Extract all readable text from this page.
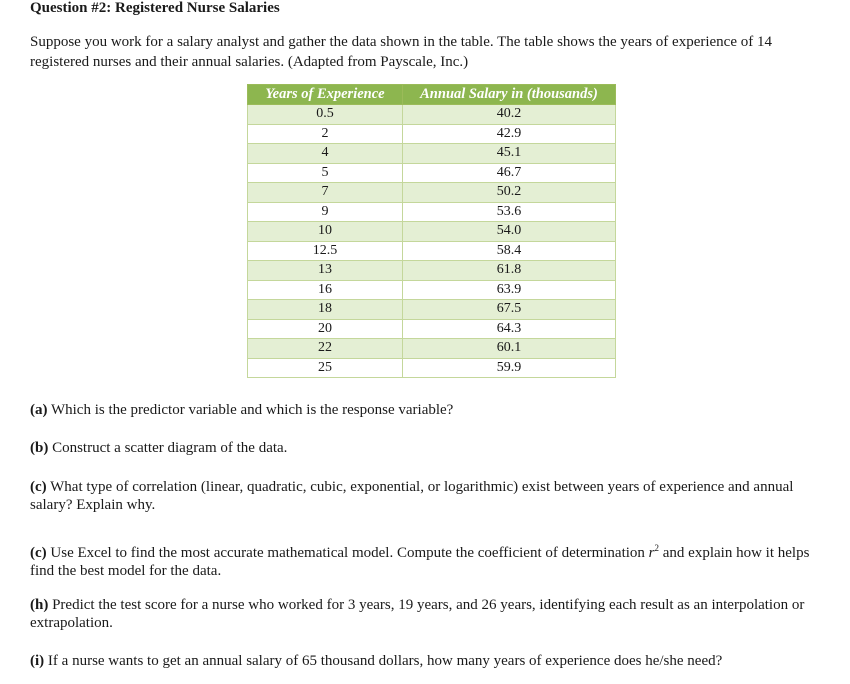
Question #2: Registered Nurse Salaries
Suppose you work for a salary analyst and gather the data shown in the table. The table shows the years of experience of 14 registered nurses and their annual salaries. (Adapted from Payscale, Inc.)
Years of Experience	Annual Salary in (thousands)
0.5	40.2
2	42.9
4	45.1
5	46.7
7	50.2
9	53.6
10	54.0
12.5	58.4
13	61.8
16	63.9
18	67.5
20	64.3
22	60.1
25	59.9
(a) Which is the predictor variable and which is the response variable?
(b) Construct a scatter diagram of the data.
(c) What type of correlation (linear, quadratic, cubic, exponential, or logarithmic) exist between years of experience and annual salary? Explain why.
(c) Use Excel to find the most accurate mathematical model. Compute the coefficient of determination $r^2$ and explain how it helps find the best model for the data.
(h) Predict the test score for a nurse who worked for 3 years, 19 years, and 26 years, identifying each result as an interpolation or extrapolation.
(i) If a nurse wants to get an annual salary of 65 thousand dollars, how many years of experience does he/she need?
